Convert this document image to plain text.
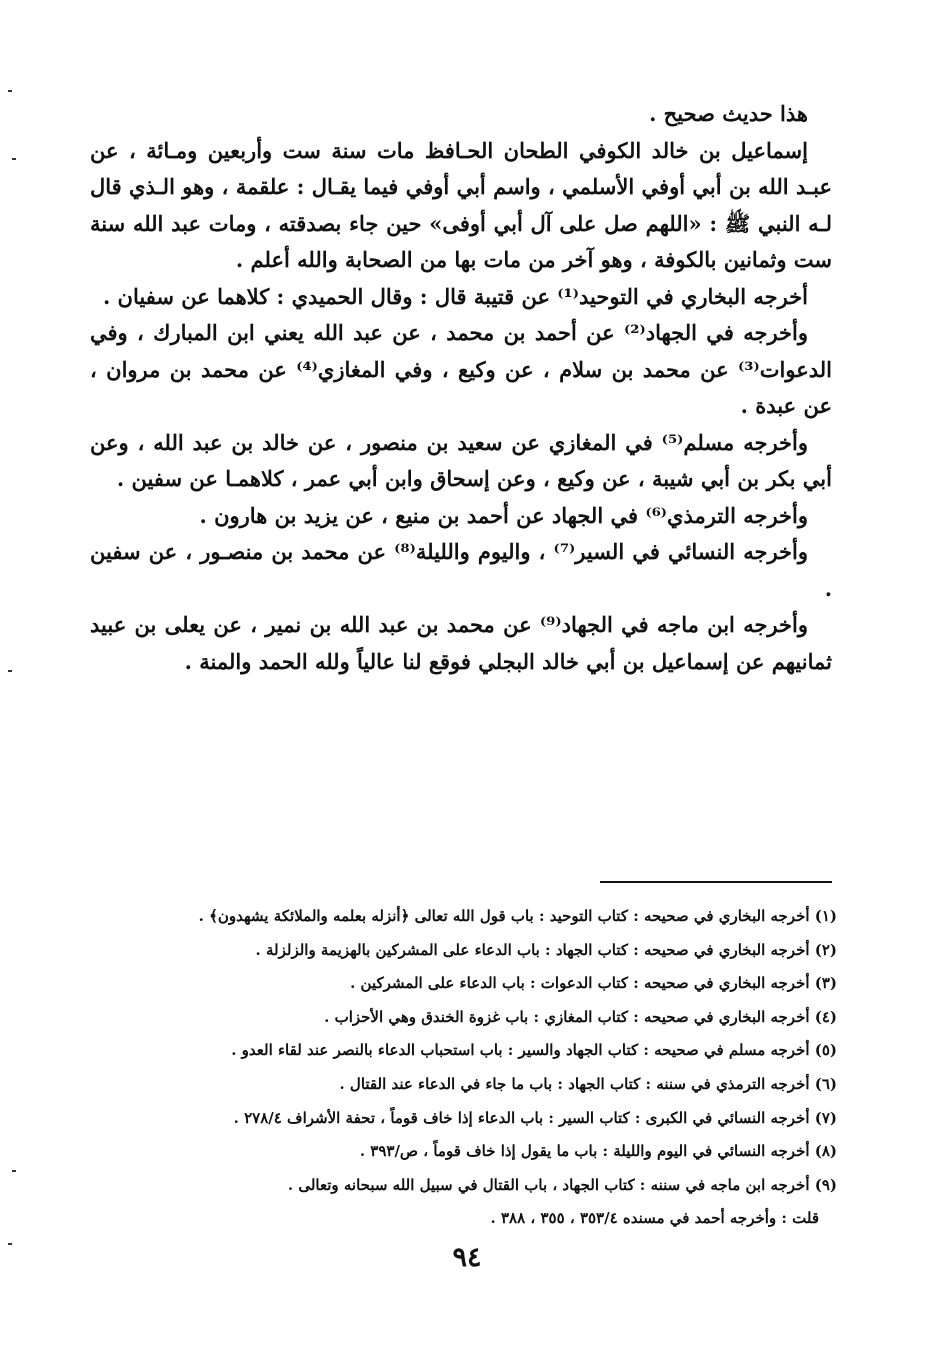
هذا حديث صحيح .

إسماعيل بن خالد الكوفي الطحان الحـافظ مات سنة ست وأربعين ومـائة ، عن عبـد الله بن أبي أوفي الأسلمي ، واسم أبي أوفي فيما يقـال : علقمة ، وهو الـذي قال لـه النبي ﷺ : «اللهم صل على آل أبي أوفى» حين جاء بصدقته ، ومات عبد الله سنة ست وثمانين بالكوفة ، وهو آخر من مات بها من الصحابة والله أعلم .

أخرجه البخاري في التوحيد⁽¹⁾ عن قتيبة قال : وقال الحميدي : كلاهما عن سفيان .

وأخرجه في الجهاد⁽²⁾ عن أحمد بن محمد ، عن عبد الله يعني ابن المبارك ، وفي الدعوات⁽³⁾ عن محمد بن سلام ، عن وكيع ، وفي المغازي⁽⁴⁾ عن محمد بن مروان ، عن عبدة .

وأخرجه مسلم⁽⁵⁾ في المغازي عن سعيد بن منصور ، عن خالد بن عبد الله ، وعن أبي بكر بن أبي شيبة ، عن وكيع ، وعن إسحاق وابن أبي عمر ، كلاهمـا عن سفين .

وأخرجه الترمذي⁽⁶⁾ في الجهاد عن أحمد بن منيع ، عن يزيد بن هارون .

وأخرجه النسائي في السير⁽⁷⁾ ، واليوم والليلة⁽⁸⁾ عن محمد بن منصـور ، عن سفين .

وأخرجه ابن ماجه في الجهاد⁽⁹⁾ عن محمد بن عبد الله بن نمير ، عن يعلى بن عبيد ثمانيهم عن إسماعيل بن أبي خالد البجلي فوقع لنا عالياً ولله الحمد والمنة .

(١) أخرجه البخاري في صحيحه : كتاب التوحيد : باب قول الله تعالى ﴿أنزله بعلمه والملائكة يشهدون﴾ .

(٢) أخرجه البخاري في صحيحه : كتاب الجهاد : باب الدعاء على المشركين بالهزيمة والزلزلة .

(٣) أخرجه البخاري في صحيحه : كتاب الدعوات : باب الدعاء على المشركين .

(٤) أخرجه البخاري في صحيحه : كتاب المغازي : باب غزوة الخندق وهي الأحزاب .

(٥) أخرجه مسلم في صحيحه : كتاب الجهاد والسير : باب استحباب الدعاء بالنصر عند لقاء العدو .

(٦) أخرجه الترمذي في سننه : كتاب الجهاد : باب ما جاء في الدعاء عند القتال .

(٧) أخرجه النسائي في الكبرى : كتاب السير : باب الدعاء إذا خاف قوماً ، تحفة الأشراف ٢٧٨/٤ .

(٨) أخرجه النسائي في اليوم والليلة : باب ما يقول إذا خاف قوماً ، ص/٣٩٣ .

(٩) أخرجه ابن ماجه في سننه : كتاب الجهاد ، باب القتال في سبيل الله سبحانه وتعالى .

قلت : وأخرجه أحمد في مسنده ٣٥٣/٤ ، ٣٥٥ ، ٣٨٨ .

٩٤
